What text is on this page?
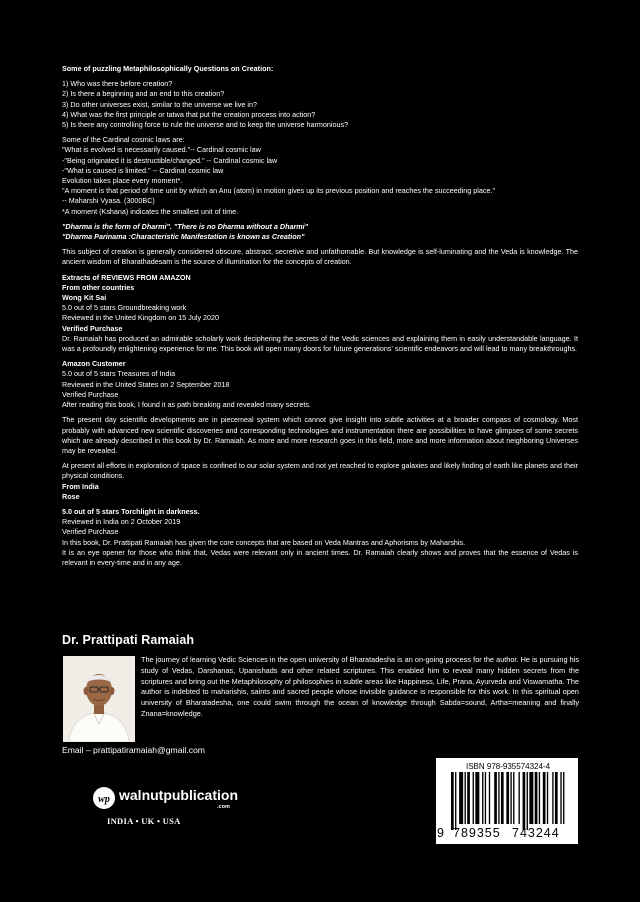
Some of puzzling Metaphilosophically Questions on Creation:

1) Who was there before creation?

2) Is there a beginning and an end to this creation?

3) Do other universes exist, similar to the universe we live in?

4) What was the first principle or tatwa that put the creation process into action?

5) Is there any controlling force to rule the universe and to keep the universe harmonious?

Some of the Cardinal cosmic laws are:

"What is evolved is necessarily caused."-- Cardinal cosmic law

-"Being originated it is destructible/changed." -- Cardinal cosmic law

-"What is caused is limited." -- Cardinal cosmic law

Evolution takes place every moment*.

"A moment is that period of time unit by which an Anu (atom) in motion gives up its previous position and reaches the succeeding place."

-- Maharshi Vyasa. (3000BC)

*A moment (Kshana) indicates the smallest unit of time.

"Dharma is the form of Dharmi". "There is no Dharma without a Dharmi"

"Dharma Parinama :Characteristic Manifestation is known as Creation"

This subject of creation is generally considered obscure, abstract, secretive and unfathomable. But knowledge is self-luminating and the Veda is knowledge. The ancient wisdom of Bharathadesam is the source of illumination for the concepts of creation.

Extracts of REVIEWS FROM AMAZON

From other countries

Wong Kit Sai

5.0 out of 5 stars Groundbreaking work

Reviewed in the United Kingdom on 15 July 2020

Verified Purchase

Dr. Ramaiah has produced an admirable scholarly work deciphering the secrets of the Vedic sciences and explaining them in easily understandable language. It was a profoundly enlightening experience for me. This book will open many doors for future generations' scientific endeavors and will lead to many breakthroughs.

Amazon Customer

5.0 out of 5 stars Treasures of India

Reviewed in the United States on 2 September 2018

Verified Purchase

After reading this book, I found it as path breaking and revealed many secrets.

The present day scientific developments are in piecemeal system which cannot give insight into subtle activities at a broader compass of cosmology. Most probably with advanced new scientific discoveries and corresponding technologies and instrumentation there are possibilities to have glimpses of some secrets which are already described in this book by Dr. Ramaiah. As more and more research goes in this field, more and more information about neighboring Universes may be revealed.

At present all efforts in exploration of space is confined to our solar system and not yet reached to explore galaxies and likely finding of earth like planets and their physical conditions.

From India

Rose

5.0 out of 5 stars Torchlight in darkness.

Reviewed in India on 2 October 2019

Verified Purchase

In this book, Dr. Prattipati Ramaiah has given the core concepts that are based on Veda Mantras and Aphorisms by Maharshis.

It is an eye opener for those who think that, Vedas were relevant only in ancient times. Dr. Ramaiah clearly shows and proves that the essence of Vedas is relevant in every-time and in any age.

Dr. Prattipati Ramaiah
The journey of learning Vedic Sciences in the open university of Bharatadesha is an on-going process for the author. He is pursuing his study of Vedas, Darshanas, Upanishads and other related scriptures. This enabled him to reveal many hidden secrets from the scriptures and bring out the Metaphilosophy of philosophies in subtle areas like Happiness, Life, Prana, Ayurveda and Viswamatha. The author is indebted to maharishis, saints and sacred people whose invisible guidance is responsible for this work. In this spiritual open university of Bharatadesha, one could swim through the ocean of knowledge through Sabda=sound, Artha=meaning and finally Znana=knowledge.
Email – prattipatiramaiah@gmail.com
wp walnutpublication
.com
INDIA • UK • USA
ISBN 978-935574324-4
9 789355 743244
